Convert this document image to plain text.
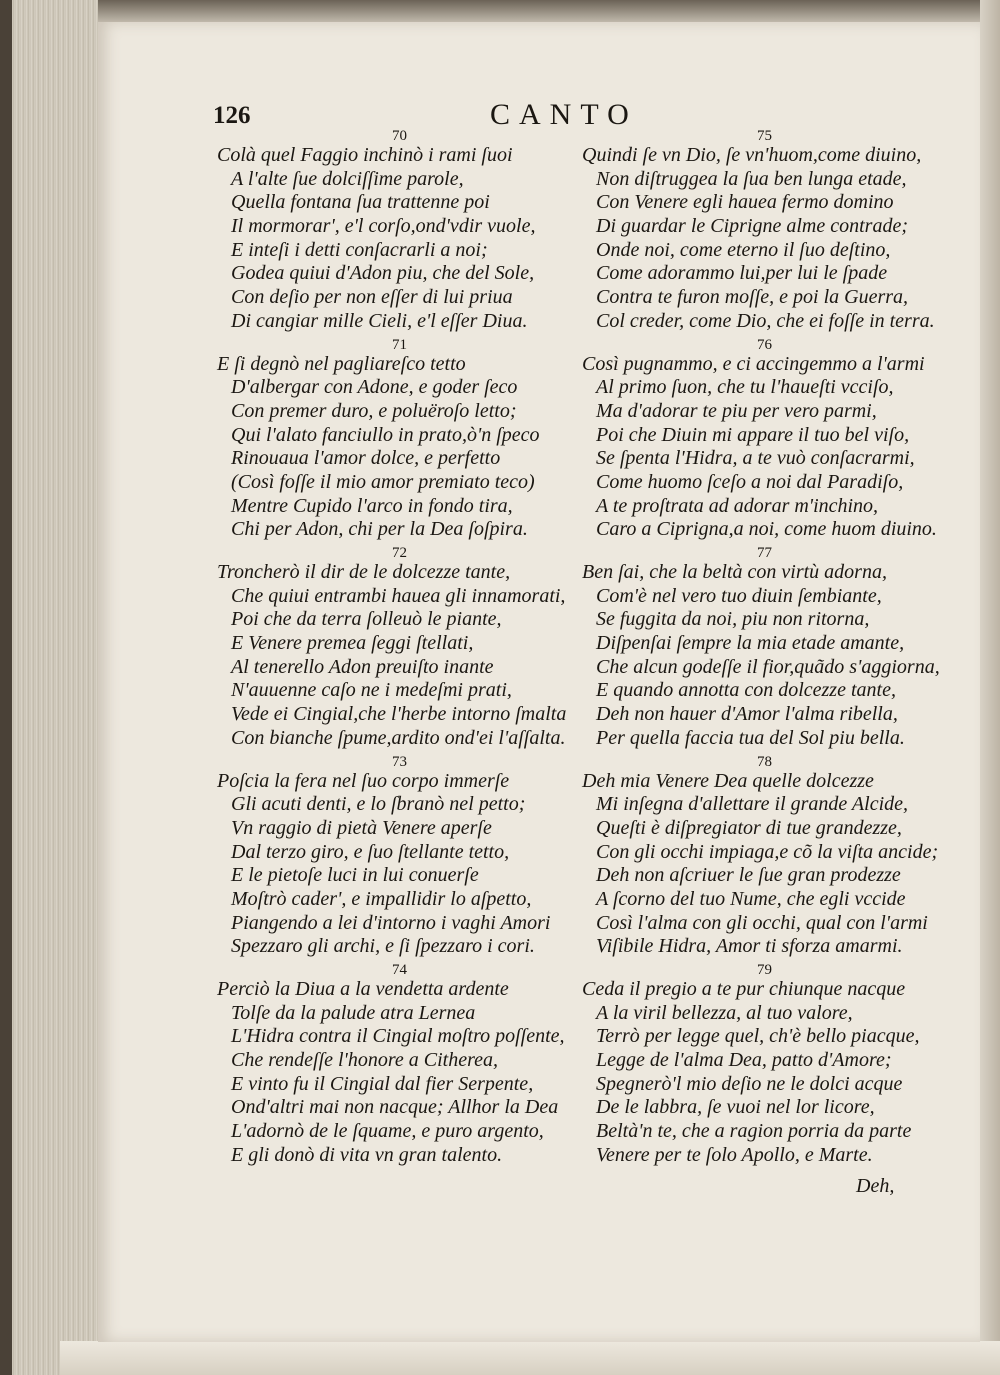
126	CANTO
70
Colà quel Faggio inchinò i rami ſuoi
A l'alte ſue dolciſſime parole,
Quella fontana ſua trattenne poi
Il mormorar', e'l corſo,ond'vdir vuole,
E inteſi i detti conſacrarli a noi;
Godea quiui d'Adon piu, che del Sole,
Con deſio per non eſſer di lui priua
Di cangiar mille Cieli, e'l eſſer Diua.
71
E ſi degnò nel pagliareſco tetto
D'albergar con Adone, e goder ſeco
Con premer duro, e poluëroſo letto;
Qui l'alato fanciullo in prato,ò'n ſpeco
Rinouaua l'amor dolce, e perfetto
(Così foſſe il mio amor premiato teco)
Mentre Cupido l'arco in fondo tira,
Chi per Adon, chi per la Dea ſoſpira.
72
Troncherò il dir de le dolcezze tante,
Che quiui entrambi hauea gli innamorati,
Poi che da terra ſolleuò le piante,
E Venere premea ſeggi ſtellati,
Al tenerello Adon preuiſto inante
N'auuenne caſo ne i medeſmi prati,
Vede ei Cingial,che l'herbe intorno ſmalta
Con bianche ſpume,ardito ond'ei l'aſſalta.
73
Poſcia la fera nel ſuo corpo immerſe
Gli acuti denti, e lo ſbranò nel petto;
Vn raggio di pietà Venere aperſe
Dal terzo giro, e ſuo ſtellante tetto,
E le pietoſe luci in lui conuerſe
Moſtrò cader', e impallidir lo aſpetto,
Piangendo a lei d'intorno i vaghi Amori
Spezzaro gli archi, e ſi ſpezzaro i cori.
74
Perciò la Diua a la vendetta ardente
Tolſe da la palude atra Lernea
L'Hidra contra il Cingial moſtro poſſente,
Che rendeſſe l'honore a Citherea,
E vinto fu il Cingial dal fier Serpente,
Ond'altri mai non nacque; Allhor la Dea
L'adornò de le ſquame, e puro argento,
E gli donò di vita vn gran talento.
75
Quindi ſe vn Dio, ſe vn'huom,come diuino,
Non diſtruggea la ſua ben lunga etade,
Con Venere egli hauea fermo domino
Di guardar le Ciprigne alme contrade;
Onde noi, come eterno il ſuo deſtino,
Come adorammo lui,per lui le ſpade
Contra te furon moſſe, e poi la Guerra,
Col creder, come Dio, che ei foſſe in terra.
76
Così pugnammo, e ci accingemmo a l'armi
Al primo ſuon, che tu l'haueſti vcciſo,
Ma d'adorar te piu per vero parmi,
Poi che Diuin mi appare il tuo bel viſo,
Se ſpenta l'Hidra, a te vuò conſacrarmi,
Come huomo ſceſo a noi dal Paradiſo,
A te proſtrata ad adorar m'inchino,
Caro a Ciprigna,a noi, come huom diuino.
77
Ben ſai, che la beltà con virtù adorna,
Com'è nel vero tuo diuin ſembiante,
Se fuggita da noi, piu non ritorna,
Diſpenſai ſempre la mia etade amante,
Che alcun godeſſe il fior,quãdo s'aggiorna,
E quando annotta con dolcezze tante,
Deh non hauer d'Amor l'alma ribella,
Per quella faccia tua del Sol piu bella.
78
Deh mia Venere Dea quelle dolcezze
Mi inſegna d'allettare il grande Alcide,
Queſti è diſpregiator di tue grandezze,
Con gli occhi impiaga,e cõ la viſta ancide;
Deh non aſcriuer le ſue gran prodezze
A ſcorno del tuo Nume, che egli vccide
Così l'alma con gli occhi, qual con l'armi
Viſibile Hidra, Amor ti sforza amarmi.
79
Ceda il pregio a te pur chiunque nacque
A la viril bellezza, al tuo valore,
Terrò per legge quel, ch'è bello piacque,
Legge de l'alma Dea, patto d'Amore;
Spegnerò'l mio deſio ne le dolci acque
De le labbra, ſe vuoi nel lor licore,
Beltà'n te, che a ragion porria da parte
Venere per te ſolo Apollo, e Marte.
Deh,
